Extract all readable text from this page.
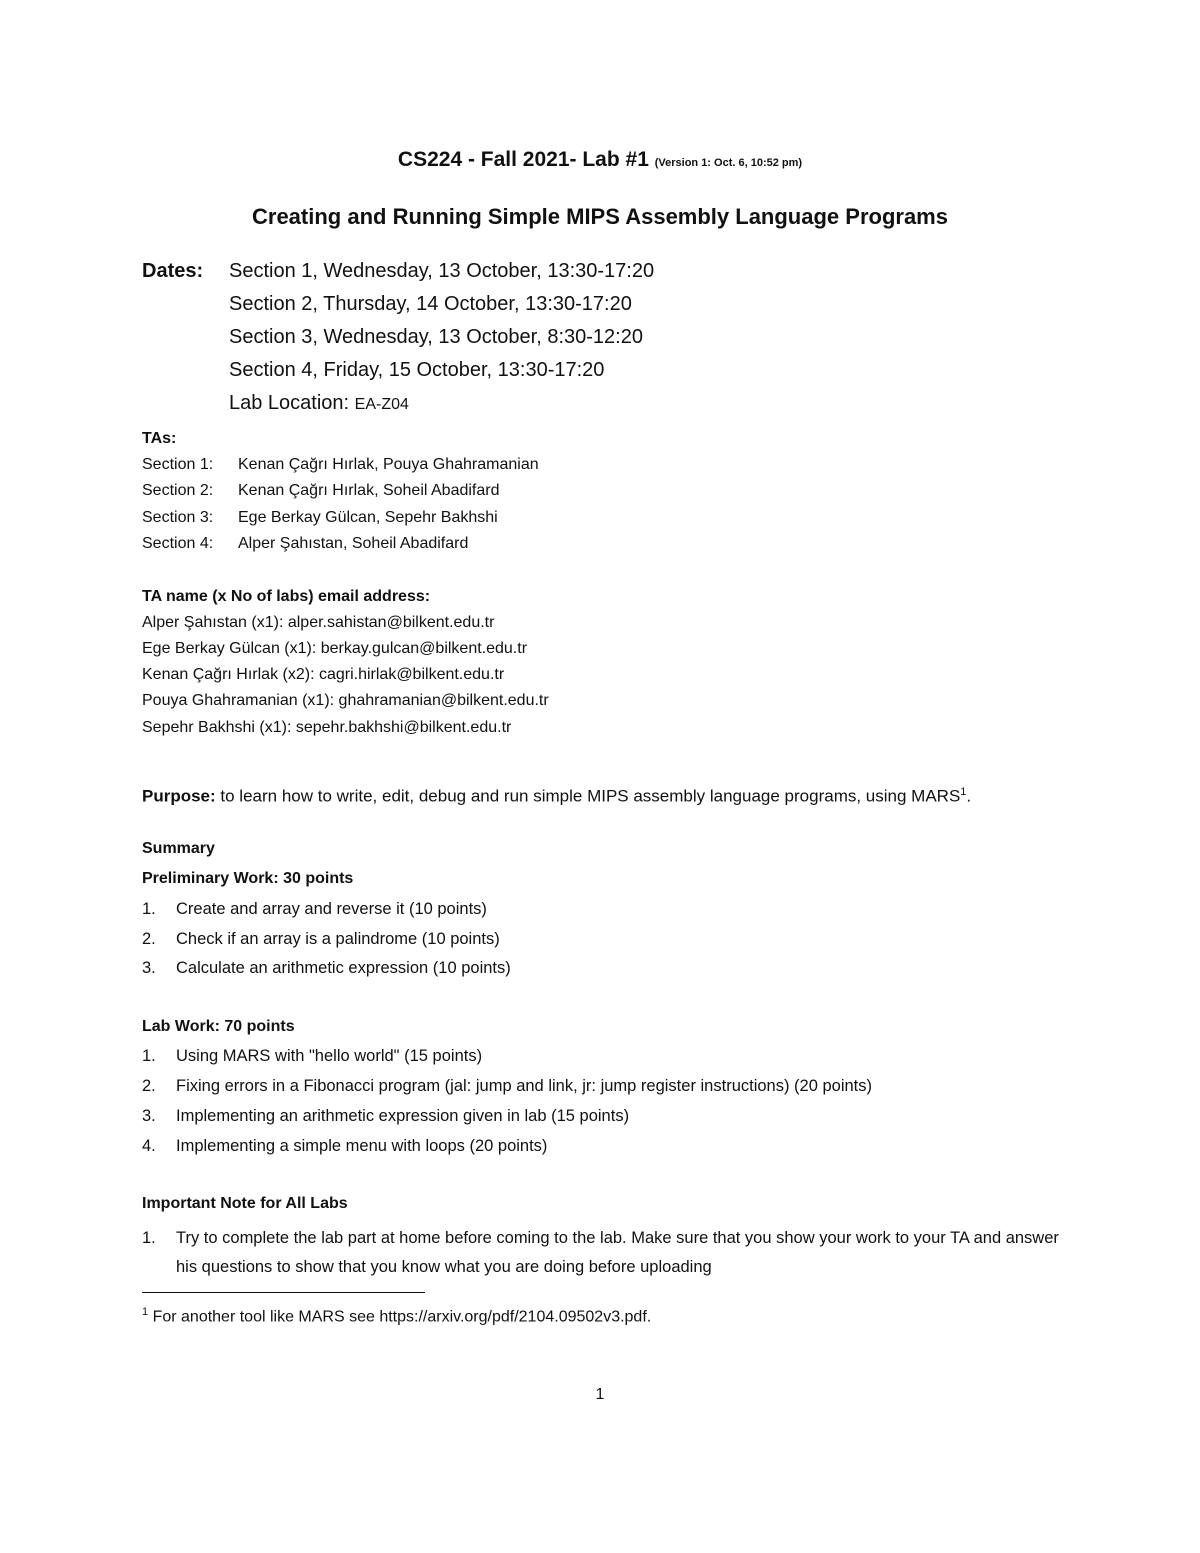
CS224 - Fall 2021- Lab #1 (Version 1: Oct. 6, 10:52 pm)
Creating and Running Simple MIPS Assembly Language Programs
Dates: Section 1, Wednesday, 13 October, 13:30-17:20
Section 2, Thursday, 14 October, 13:30-17:20
Section 3, Wednesday, 13 October, 8:30-12:20
Section 4, Friday, 15 October, 13:30-17:20
Lab Location: EA-Z04
TAs:
Section 1: Kenan Çağrı Hırlak, Pouya Ghahramanian
Section 2: Kenan Çağrı Hırlak, Soheil Abadifard
Section 3: Ege Berkay Gülcan, Sepehr Bakhshi
Section 4: Alper Şahıstan, Soheil Abadifard
TA name (x No of labs) email address:
Alper Şahıstan (x1): alper.sahistan@bilkent.edu.tr
Ege Berkay Gülcan (x1): berkay.gulcan@bilkent.edu.tr
Kenan Çağrı Hırlak (x2): cagri.hirlak@bilkent.edu.tr
Pouya Ghahramanian (x1): ghahramanian@bilkent.edu.tr
Sepehr Bakhshi (x1): sepehr.bakhshi@bilkent.edu.tr
Purpose: to learn how to write, edit, debug and run simple MIPS assembly language programs, using MARS$^1$.
Summary
Preliminary Work: 30 points
1. Create and array and reverse it (10 points)
2. Check if an array is a palindrome (10 points)
3. Calculate an arithmetic expression (10 points)
Lab Work: 70 points
1. Using MARS with "hello world" (15 points)
2. Fixing errors in a Fibonacci program (jal: jump and link, jr: jump register instructions) (20 points)
3. Implementing an arithmetic expression given in lab (15 points)
4. Implementing a simple menu with loops (20 points)
Important Note for All Labs
1. Try to complete the lab part at home before coming to the lab. Make sure that you show your work to your TA and answer his questions to show that you know what you are doing before uploading
$^1$ For another tool like MARS see https://arxiv.org/pdf/2104.09502v3.pdf.
1
